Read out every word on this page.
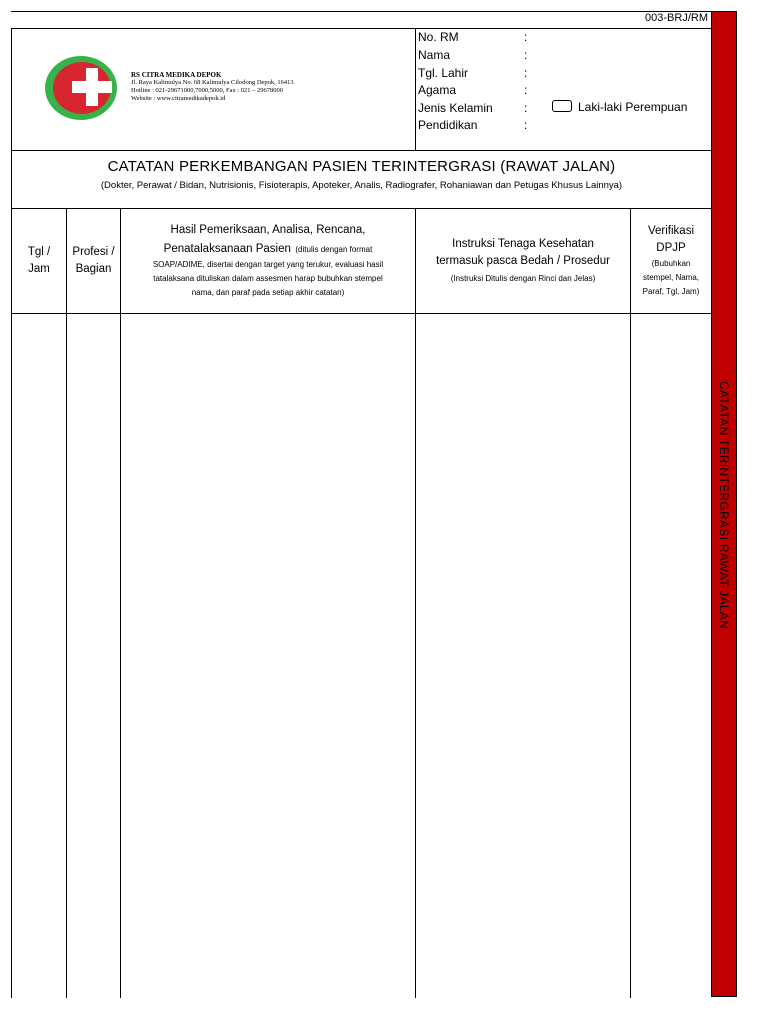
CATATAN TERINTERGRASI RAWAT JALAN
003-BRJ/RM
RS CITRA MEDIKA DEPOK
Jl. Raya Kalimulya No. 68 Kalimulya Cilodong Depok, 16413
Hotline : 021-29671000,7000,5000, Fax : 021 – 29678000
Website : www.citramedikadepok.id
No. RM
Nama
Tgl. Lahir
Agama
Jenis Kelamin
Pendidikan
:
:
:
:
:
:
Laki-laki Perempuan
CATATAN PERKEMBANGAN PASIEN TERINTERGRASI (RAWAT JALAN)
(Dokter, Perawat / Bidan, Nutrisionis, Fisioterapis, Apoteker, Analis, Radiografer, Rohaniawan dan Petugas Khusus Lainnya)
Tgl /
Jam
Profesi /
Bagian
Hasil Pemeriksaan, Analisa, Rencana,
Penatalaksanaan Pasien (ditulis dengan format
SOAP/ADIME, disertai dengan target yang terukur, evaluasi hasil
tatalaksana dituliskan dalam assesmen harap bubuhkan stempel
nama, dan paraf pada setiap akhir catatan)
Instruksi Tenaga Kesehatan
termasuk pasca Bedah / Prosedur
(Instruksi Ditulis dengan Rinci dan Jelas)
Verifikasi
DPJP
(Bubuhkan
stempel, Nama,
Paraf, Tgl, Jam)
